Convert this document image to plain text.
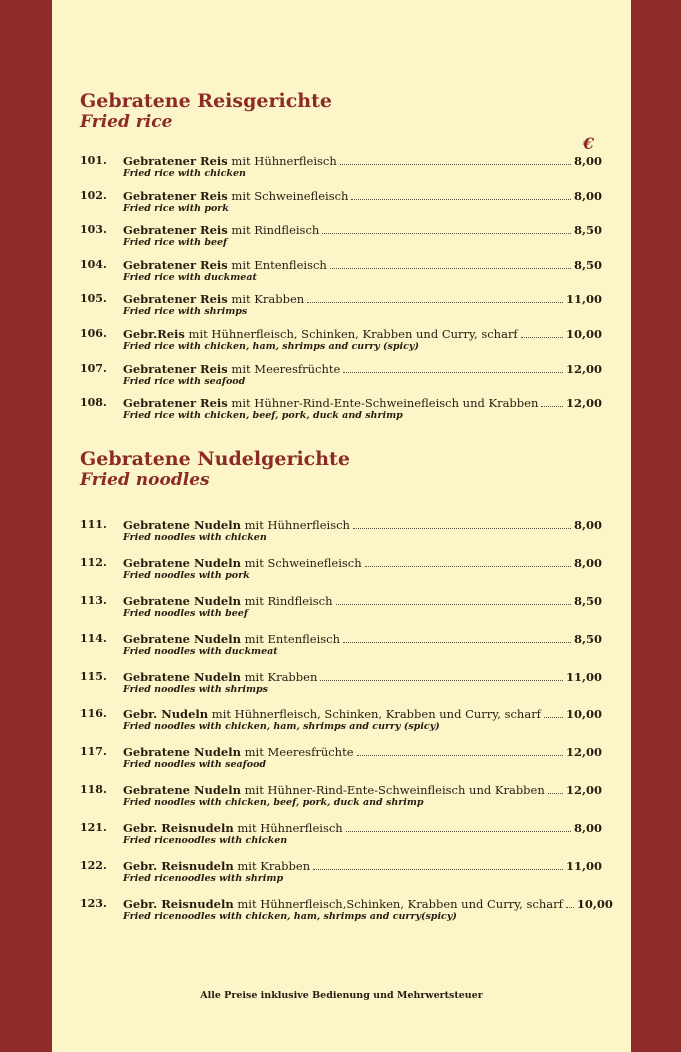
Gebratene Reisgerichte
Fried rice
€
101.	Gebratener Reis mit Hühnerfleisch	8,00
Fried rice with chicken
102.	Gebratener Reis mit Schweinefleisch	8,00
Fried rice with pork
103.	Gebratener Reis mit Rindfleisch	8,50
Fried rice with beef
104.	Gebratener Reis mit Entenfleisch	8,50
Fried rice with duckmeat
105.	Gebratener Reis mit Krabben	11,00
Fried rice with shrimps
106.	Gebr.Reis mit Hühnerfleisch, Schinken, Krabben und Curry, scharf	10,00
Fried rice with chicken, ham, shrimps and curry (spicy)
107.	Gebratener Reis mit Meeresfrüchte	12,00
Fried rice with seafood
108.	Gebratener Reis mit Hühner-Rind-Ente-Schweinefleisch und Krabben 12,00
Fried rice with chicken, beef, pork, duck and shrimp
Gebratene Nudelgerichte
Fried noodles
111.	Gebratene Nudeln mit Hühnerfleisch	8,00
Fried noodles with chicken
112.	Gebratene Nudeln mit Schweinefleisch	8,00
Fried noodles with pork
113.	Gebratene Nudeln mit Rindfleisch	8,50
Fried noodles with beef
114.	Gebratene Nudeln mit Entenfleisch	8,50
Fried noodles with duckmeat
115.	Gebratene Nudeln mit Krabben	11,00
Fried noodles with shrimps
116.	Gebr. Nudeln mit Hühnerfleisch, Schinken, Krabben und Curry, scharf 10,00
Fried noodles with chicken, ham, shrimps and curry (spicy)
117.	Gebratene Nudeln mit Meeresfrüchte	12,00
Fried noodles with seafood
118.	Gebratene Nudeln mit Hühner-Rind-Ente-Schweinfleisch und Krabben 12,00
Fried noodles with chicken, beef, pork, duck and shrimp
121.	Gebr. Reisnudeln mit Hühnerfleisch	8,00
Fried ricenoodles with chicken
122.	Gebr. Reisnudeln mit Krabben	11,00
Fried ricenoodles with shrimp
123.	Gebr. Reisnudeln mit Hühnerfleisch,Schinken, Krabben und Curry, scharf 10,00
Fried ricenoodles with chicken, ham, shrimps and curry(spicy)
Alle Preise inklusive Bedienung und Mehrwertsteuer
